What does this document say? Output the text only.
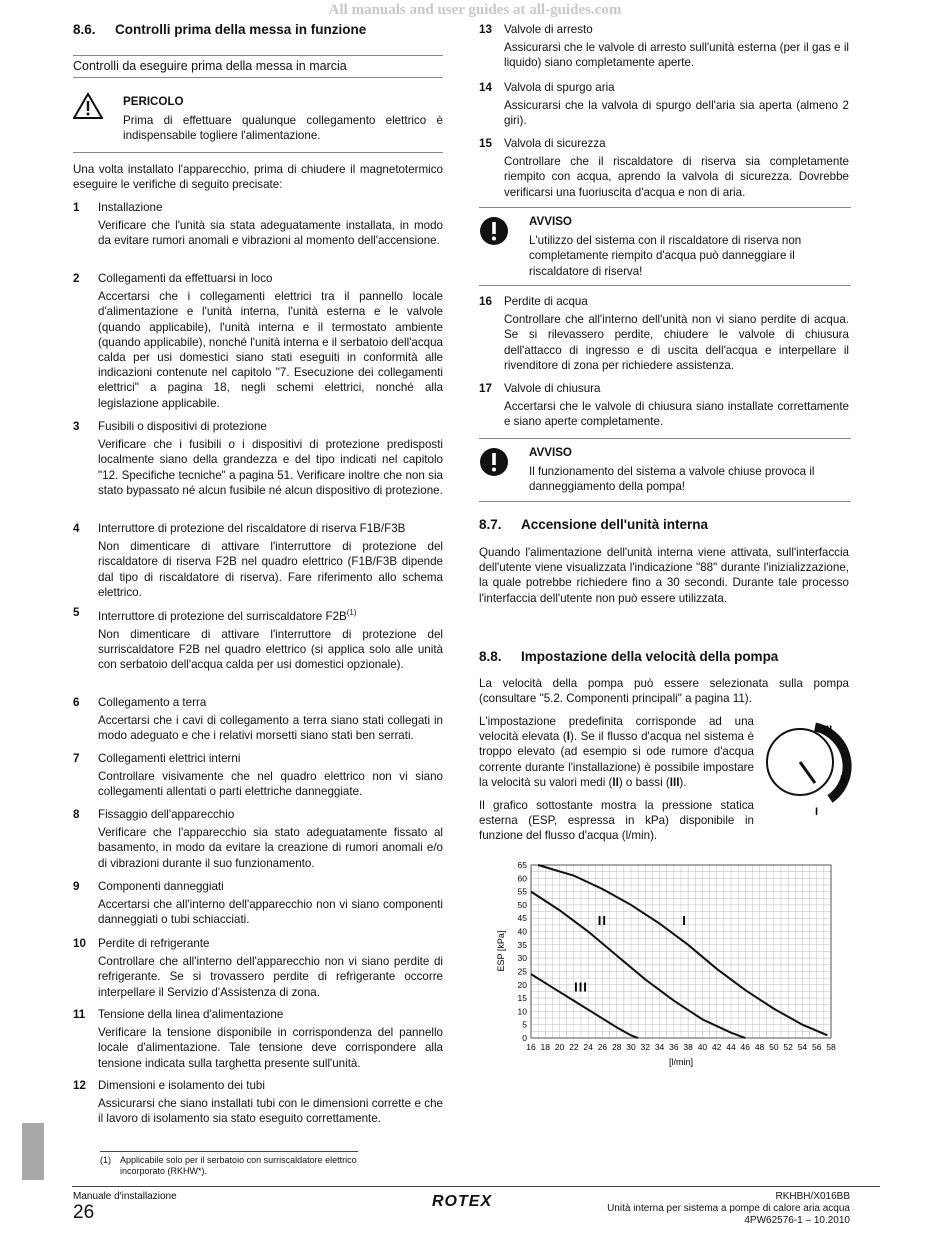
All manuals and user guides at all-guides.com
8.6. Controlli prima della messa in funzione
Controlli da eseguire prima della messa in marcia
PERICOLO
Prima di effettuare qualunque collegamento elettrico è indispensabile togliere l'alimentazione.
Una volta installato l'apparecchio, prima di chiudere il magnetotermico eseguire le verifiche di seguito precisate:
(1) Applicabile solo per il serbatoio con surriscaldatore elettrico incorporato (RKHW*).
AVVISO
L'utilizzo del sistema con il riscaldatore di riserva non completamente riempito d'acqua può danneggiare il riscaldatore di riserva!
AVVISO
Il funzionamento del sistema a valvole chiuse provoca il danneggiamento della pompa!
8.7. Accensione dell'unità interna
Quando l'alimentazione dell'unità interna viene attivata, sull'interfaccia dell'utente viene visualizzata l'indicazione "88" durante l'inizializzazione, la quale potrebbe richiedere fino a 30 secondi. Durante tale processo l'interfaccia dell'utente non può essere utilizzata.
8.8. Impostazione della velocità della pompa
La velocità della pompa può essere selezionata sulla pompa (consultare "5.2. Componenti principali" a pagina 11).
L'impostazione predefinita corrisponde ad una velocità elevata (I). Se il flusso d'acqua nel sistema è troppo elevato (ad esempio si ode rumore d'acqua corrente durante l'installazione) è possibile impostare la velocità su valori medi (II) o bassi (III).
Il grafico sottostante mostra la pressione statica esterna (ESP, espressa in kPa) disponibile in funzione del flusso d'acqua (l/min).
III
II
I
0
5
10
15
20
25
30
35
40
45
50
55
60
65
16 18 20 22 24 26 28 30 32 34 36 38 40 42 44 46 48 50 52 54 56 58
I
II
III
ESP [kPa]
[l/min]
Manuale d'installazione
26
ROTEX	RKHBH/X016BB
Unità interna per sistema a pompe di calore aria acqua
4PW62576-1 – 10.2010
1 Installazione
Verificare che l'unità sia stata adeguatamente installata, in modo da evitare rumori anomali e vibrazioni al momento dell'accensione.
2 Collegamenti da effettuarsi in loco
Accertarsi che i collegamenti elettrici tra il pannello locale d'alimentazione e l'unità interna, l'unità esterna e le valvole (quando applicabile), l'unità interna e il termostato ambiente (quando applicabile), nonché l'unità interna e il serbatoio dell'acqua calda per usi domestici siano stati eseguiti in conformità alle indicazioni contenute nel capitolo "7. Esecuzione dei collegamenti elettrici" a pagina 18, negli schemi elettrici, nonché alla legislazione applicabile.
3 Fusibili o dispositivi di protezione
Verificare che i fusibili o i dispositivi di protezione predisposti localmente siano della grandezza e del tipo indicati nel capitolo "12. Specifiche tecniche" a pagina 51. Verificare inoltre che non sia stato bypassato né alcun fusibile né alcun dispositivo di protezione.
4 Interruttore di protezione del riscaldatore di riserva F1B/F3B
Non dimenticare di attivare l'interruttore di protezione del riscaldatore di riserva F2B nel quadro elettrico (F1B/F3B dipende dal tipo di riscaldatore di riserva). Fare riferimento allo schema elettrico.
5 Interruttore di protezione del surriscaldatore $F2B^{(1)}$
Non dimenticare di attivare l'interruttore di protezione del surriscaldatore F2B nel quadro elettrico (si applica solo alle unità con serbatoio dell'acqua calda per usi domestici opzionale).
6 Collegamento a terra
Accertarsi che i cavi di collegamento a terra siano stati collegati in modo adeguato e che i relativi morsetti siano stati ben serrati.
7 Collegamenti elettrici interni
Controllare visivamente che nel quadro elettrico non vi siano collegamenti allentati o parti elettriche danneggiate.
8 Fissaggio dell'apparecchio
Verificare che l'apparecchio sia stato adeguatamente fissato al basamento, in modo da evitare la creazione di rumori anomali e/o di vibrazioni durante il suo funzionamento.
9 Componenti danneggiati
Accertarsi che all'interno dell'apparecchio non vi siano componenti danneggiati o tubi schiacciati.
10 Perdite di refrigerante
Controllare che all'interno dell'apparecchio non vi siano perdite di refrigerante. Se si trovassero perdite di refrigerante occorre interpellare il Servizio d'Assistenza di zona.
11 Tensione della linea d'alimentazione
Verificare la tensione disponibile in corrispondenza del pannello locale d'alimentazione. Tale tensione deve corrispondere alla tensione indicata sulla targhetta presente sull'unità.
12 Dimensioni e isolamento dei tubi
Assicurarsi che siano installati tubi con le dimensioni corrette e che il lavoro di isolamento sia stato eseguito correttamente.
13 Valvole di arresto
Assicurarsi che le valvole di arresto sull'unità esterna (per il gas e il liquido) siano completamente aperte.
14 Valvola di spurgo aria
Assicurarsi che la valvola di spurgo dell'aria sia aperta (almeno 2 giri).
15 Valvola di sicurezza
Controllare che il riscaldatore di riserva sia completamente riempito con acqua, aprendo la valvola di sicurezza. Dovrebbe verificarsi una fuoriuscita d'acqua e non di aria.
16 Perdite di acqua
Controllare che all'interno dell'unità non vi siano perdite di acqua. Se si rilevassero perdite, chiudere le valvole di chiusura dell'attacco di ingresso e di uscita dell'acqua e interpellare il rivenditore di zona per richiedere assistenza.
17 Valvole di chiusura
Accertarsi che le valvole di chiusura siano installate correttamente e siano aperte completamente.
